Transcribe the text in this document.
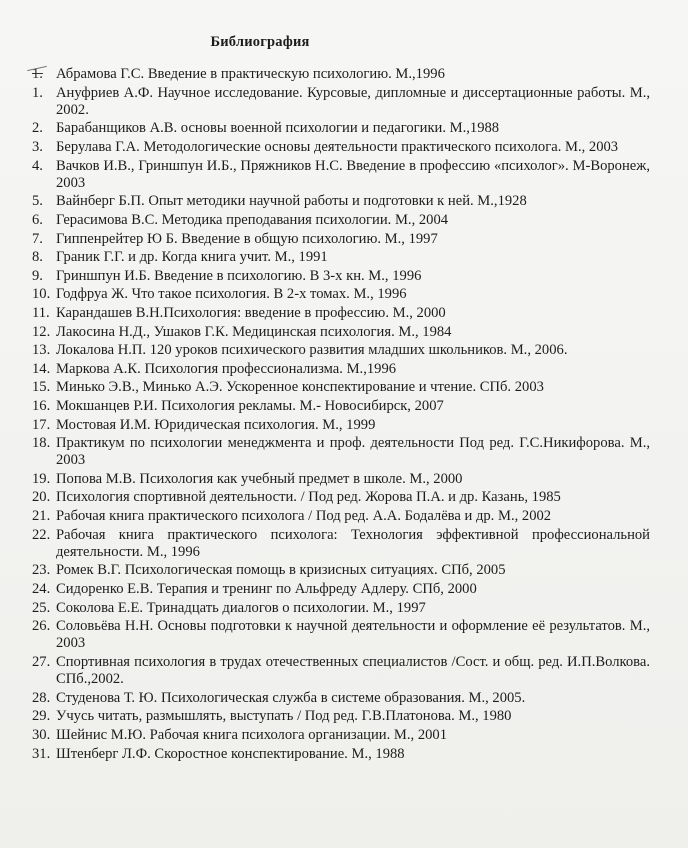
Библиография
1. Абрамова Г.С. Введение в практическую психологию. М.,1996
1. Ануфриев А.Ф. Научное исследование. Курсовые, дипломные и диссертационные работы. М., 2002.
2. Барабанщиков А.В. основы военной психологии и педагогики. М.,1988
3. Берулава Г.А. Методологические основы деятельности практического психолога. М., 2003
4. Вачков И.В., Гриншпун И.Б., Пряжников Н.С. Введение в профессию «психолог». М-Воронеж, 2003
5. Вайнберг Б.П. Опыт методики научной работы и подготовки к ней. М.,1928
6. Герасимова В.С. Методика преподавания психологии. М., 2004
7. Гиппенрейтер Ю Б. Введение в общую психологию. М., 1997
8. Граник Г.Г. и др. Когда книга учит. М., 1991
9. Гриншпун И.Б. Введение в психологию. В 3-х кн. М., 1996
10. Годфруа Ж. Что такое психология. В 2-х томах. М., 1996
11. Карандашев В.Н.Психология: введение в профессию. М., 2000
12. Лакосина Н.Д., Ушаков Г.К. Медицинская психология. М., 1984
13. Локалова Н.П. 120 уроков психического развития младших школьников. М., 2006.
14. Маркова А.К. Психология профессионализма. М.,1996
15. Минько Э.В., Минько А.Э. Ускоренное конспектирование и чтение. СПб. 2003
16. Мокшанцев Р.И. Психология рекламы. М.- Новосибирск, 2007
17. Мостовая И.М. Юридическая психология. М., 1999
18. Практикум по психологии менеджмента и проф. деятельности Под ред. Г.С.Никифорова. М., 2003
19. Попова М.В. Психология как учебный предмет в школе. М., 2000
20. Психология спортивной деятельности. / Под ред. Жорова П.А. и др. Казань, 1985
21. Рабочая книга практического психолога / Под ред. А.А. Бодалёва и др. М., 2002
22. Рабочая книга практического психолога: Технология эффективной профессиональной деятельности. М., 1996
23. Ромек В.Г. Психологическая помощь в кризисных ситуациях. СПб, 2005
24. Сидоренко Е.В. Терапия и тренинг по Альфреду Адлеру. СПб, 2000
25. Соколова Е.Е. Тринадцать диалогов о психологии. М., 1997
26. Соловьёва Н.Н. Основы подготовки к научной деятельности и оформление её результатов. М., 2003
27. Спортивная психология в трудах отечественных специалистов /Сост. и общ. ред. И.П.Волкова. СПб.,2002.
28. Студенова Т. Ю. Психологическая служба в системе образования. М., 2005.
29. Учусь читать, размышлять, выступать / Под ред. Г.В.Платонова. М., 1980
30. Шейнис М.Ю. Рабочая книга психолога организации. М., 2001
31. Штенберг Л.Ф. Скоростное конспектирование. М., 1988
